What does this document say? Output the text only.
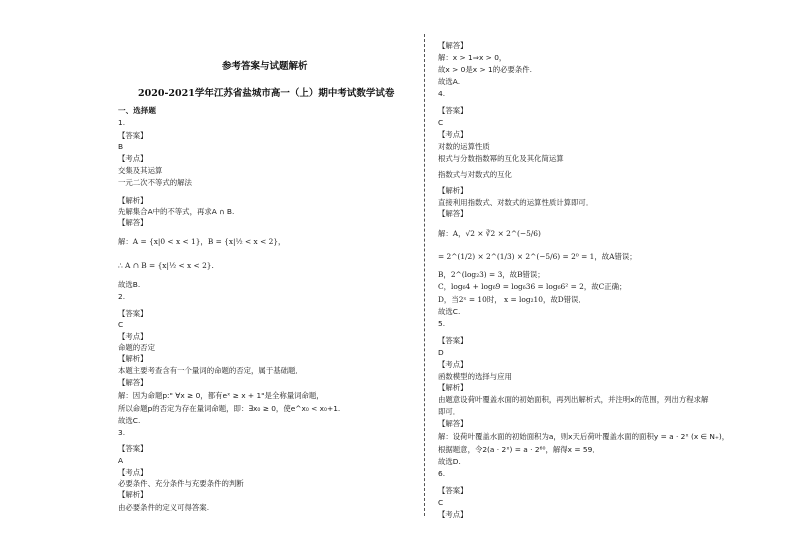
参考答案与试题解析
2020-2021学年江苏省盐城市高一（上）期中考试数学试卷
一、选择题
1.
【答案】
B
【考点】
交集及其运算
一元二次不等式的解法
【解析】
先解集合A中的不等式，再求A ∩ B.
【解答】
解：A = {x|0 < x < 1}，B = {x|½ < x < 2}，
∴ A ∩ B = {x|½ < x < 2}.
故选B.
2.
【答案】
C
【考点】
命题的否定
【解析】
本题主要考查含有一个量词的命题的否定，属于基础题．
【解答】
解：因为命题p:" ∀x ≥ 0，都有eˣ ≥ x + 1"是全称量词命题，
所以命题p的否定为存在量词命题，即：∃x₀ ≥ 0，使e^x₀ < x₀+1.
故选C.
3.
【答案】
A
【考点】
必要条件、充分条件与充要条件的判断
【解析】
由必要条件的定义可得答案.
【解答】
解：x > 1⇒x > 0，
故x > 0是x > 1的必要条件.
故选A.
4.
【答案】
C
【考点】
对数的运算性质
根式与分数指数幂的互化及其化简运算
指数式与对数式的互化
【解析】
直接利用指数式、对数式的运算性质计算即可．
【解答】
解：A，√2 × ∛2 × 2^(−5/6)
= 2^(1/2) × 2^(1/3) × 2^(−5/6) = 2⁰ = 1，故A错误；
B，2^(log₂3) = 3，故B错误；
C，log₆4 + log₆9 = log₆36 = log₆6² = 2，故C正确；
D，当2ˣ = 10时， x = log₂10，故D错误．
故选C.
5.
【答案】
D
【考点】
函数模型的选择与应用
【解析】
由题意设荷叶覆盖水面的初始面积，再列出解析式，并注明x的范围，列出方程求解
即可．
【解答】
解：设荷叶覆盖水面的初始面积为a，则x天后荷叶覆盖水面的面积y = a · 2ˣ (x ∈ N₊)，
根据题意，令2(a · 2ˣ) = a · 2⁶⁰，解得x = 59．
故选D.
6.
【答案】
C
【考点】
